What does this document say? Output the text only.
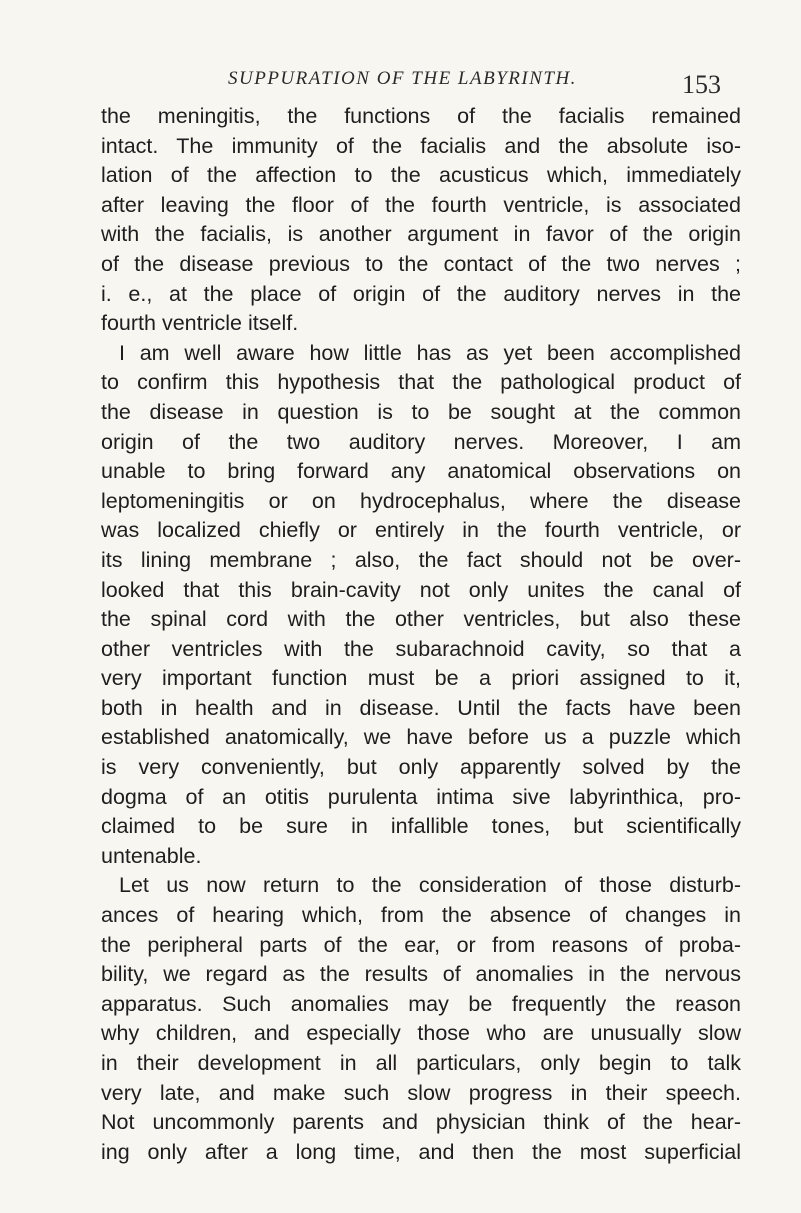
SUPPURATION OF THE LABYRINTH.	153
the meningitis, the functions of the facialis remained
intact. The immunity of the facialis and the absolute iso-
lation of the affection to the acusticus which, immediately
after leaving the floor of the fourth ventricle, is associated
with the facialis, is another argument in favor of the origin
of the disease previous to the contact of the two nerves ;
i. e., at the place of origin of the auditory nerves in the
fourth ventricle itself.
I am well aware how little has as yet been accomplished
to confirm this hypothesis that the pathological product of
the disease in question is to be sought at the common
origin of the two auditory nerves. Moreover, I am
unable to bring forward any anatomical observations on
leptomeningitis or on hydrocephalus, where the disease
was localized chiefly or entirely in the fourth ventricle, or
its lining membrane ; also, the fact should not be over-
looked that this brain-cavity not only unites the canal of
the spinal cord with the other ventricles, but also these
other ventricles with the subarachnoid cavity, so that a
very important function must be a priori assigned to it,
both in health and in disease. Until the facts have been
established anatomically, we have before us a puzzle which
is very conveniently, but only apparently solved by the
dogma of an otitis purulenta intima sive labyrinthica, pro-
claimed to be sure in infallible tones, but scientifically
untenable.
Let us now return to the consideration of those disturb-
ances of hearing which, from the absence of changes in
the peripheral parts of the ear, or from reasons of proba-
bility, we regard as the results of anomalies in the nervous
apparatus. Such anomalies may be frequently the reason
why children, and especially those who are unusually slow
in their development in all particulars, only begin to talk
very late, and make such slow progress in their speech.
Not uncommonly parents and physician think of the hear-
ing only after a long time, and then the most superficial
